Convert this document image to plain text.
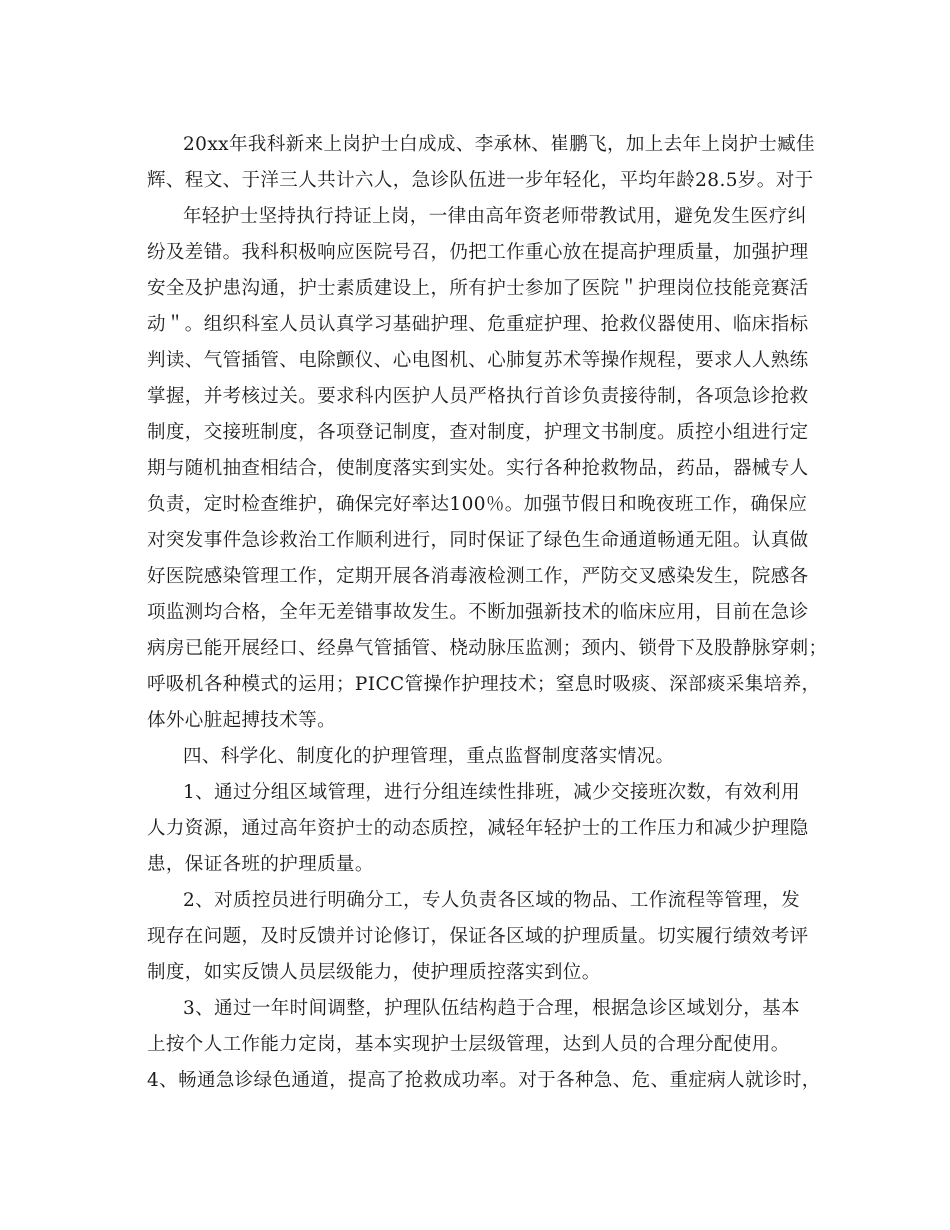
20xx年我科新来上岗护士白成成、李承林、崔鹏飞，加上去年上岗护士臧佳

辉、程文、于洋三人共计六人，急诊队伍进一步年轻化，平均年龄28.5岁。对于

年轻护士坚持执行持证上岗，一律由高年资老师带教试用，避免发生医疗纠

纷及差错。我科积极响应医院号召，仍把工作重心放在提高护理质量，加强护理

安全及护患沟通，护士素质建设上，所有护士参加了医院＂护理岗位技能竞赛活

动＂。组织科室人员认真学习基础护理、危重症护理、抢救仪器使用、临床指标

判读、气管插管、电除颤仪、心电图机、心肺复苏术等操作规程，要求人人熟练

掌握，并考核过关。要求科内医护人员严格执行首诊负责接待制，各项急诊抢救

制度，交接班制度，各项登记制度，查对制度，护理文书制度。质控小组进行定

期与随机抽查相结合，使制度落实到实处。实行各种抢救物品，药品，器械专人

负责，定时检查维护，确保完好率达100％。加强节假日和晚夜班工作，确保应

对突发事件急诊救治工作顺利进行，同时保证了绿色生命通道畅通无阻。认真做

好医院感染管理工作，定期开展各消毒液检测工作，严防交叉感染发生，院感各

项监测均合格，全年无差错事故发生。不断加强新技术的临床应用，目前在急诊

病房已能开展经口、经鼻气管插管、桡动脉压监测；颈内、锁骨下及股静脉穿刺；

呼吸机各种模式的运用；PICC管操作护理技术；窒息时吸痰、深部痰采集培养，

体外心脏起搏技术等。

四、科学化、制度化的护理管理，重点监督制度落实情况。

1、通过分组区域管理，进行分组连续性排班，减少交接班次数，有效利用

人力资源，通过高年资护士的动态质控，减轻年轻护士的工作压力和减少护理隐

患，保证各班的护理质量。

2、对质控员进行明确分工，专人负责各区域的物品、工作流程等管理，发

现存在问题，及时反馈并讨论修订，保证各区域的护理质量。切实履行绩效考评

制度，如实反馈人员层级能力，使护理质控落实到位。

3、通过一年时间调整，护理队伍结构趋于合理，根据急诊区域划分，基本

上按个人工作能力定岗，基本实现护士层级管理，达到人员的合理分配使用。

4、畅通急诊绿色通道，提高了抢救成功率。对于各种急、危、重症病人就诊时，
